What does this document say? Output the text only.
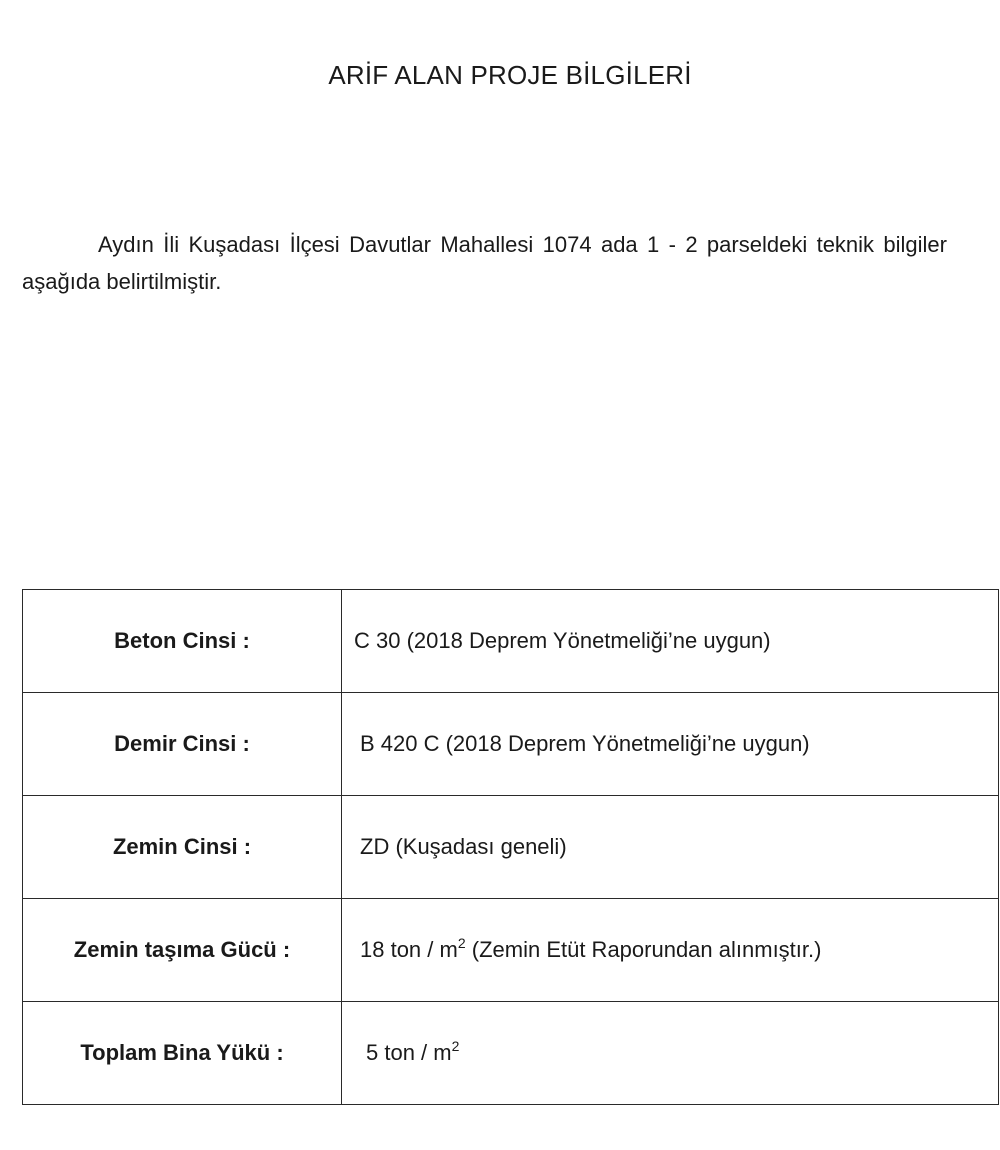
ARİF ALAN PROJE BİLGİLERİ

Aydın İli Kuşadası İlçesi Davutlar Mahallesi 1074 ada 1 - 2 parseldeki teknik bilgiler aşağıda belirtilmiştir.

Beton Cinsi :	C 30 (2018 Deprem Yönetmeliği’ne uygun)
Demir Cinsi :	B 420 C (2018 Deprem Yönetmeliği’ne uygun)
Zemin Cinsi :	ZD (Kuşadası geneli)
Zemin taşıma Gücü :	18 ton / $m^2$ (Zemin Etüt Raporundan alınmıştır.)
Toplam Bina Yükü :	5 ton / $m^2$
